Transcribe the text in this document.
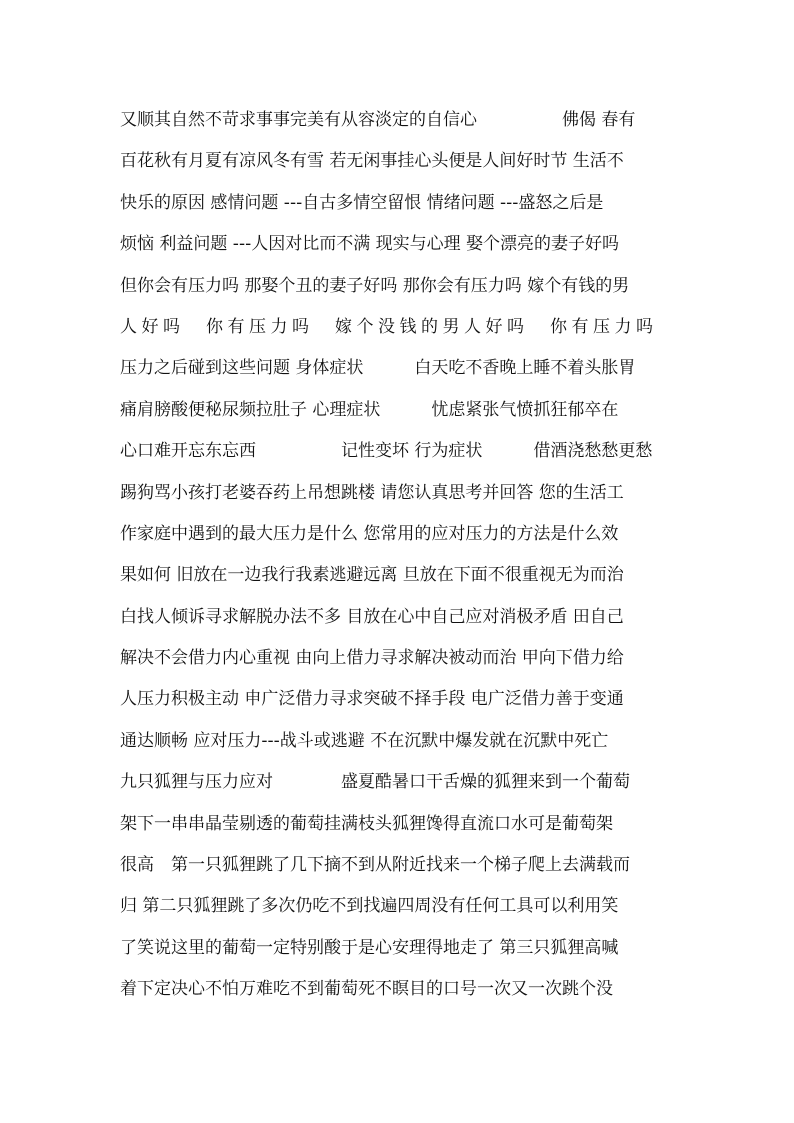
又顺其自然不苛求事事完美有从容淡定的自信心　　　　　佛偈 春有
百花秋有月夏有凉风冬有雪 若无闲事挂心头便是人间好时节 生活不
快乐的原因 感情问题 ---自古多情空留恨 情绪问题 ---盛怒之后是
烦恼 利益问题 ---人因对比而不满 现实与心理 娶个漂亮的妻子好吗
但你会有压力吗 那娶个丑的妻子好吗 那你会有压力吗 嫁个有钱的男
人好吗　你有压力吗　嫁个没钱的男人好吗　你有压力吗
压力之后碰到这些问题 身体症状　　　白天吃不香晚上睡不着头胀胃
痛肩膀酸便秘尿频拉肚子 心理症状　　　忧虑紧张气愤抓狂郁卒在
心口难开忘东忘西　　　　　记性变坏 行为症状　　　借酒浇愁愁更愁
踢狗骂小孩打老婆吞药上吊想跳楼 请您认真思考并回答 您的生活工
作家庭中遇到的最大压力是什么 您常用的应对压力的方法是什么效
果如何 旧放在一边我行我素逃避远离 旦放在下面不很重视无为而治
白找人倾诉寻求解脱办法不多 目放在心中自己应对消极矛盾 田自己
解决不会借力内心重视 由向上借力寻求解决被动而治 甲向下借力给
人压力积极主动 申广泛借力寻求突破不择手段 电广泛借力善于变通
通达顺畅 应对压力---战斗或逃避 不在沉默中爆发就在沉默中死亡
九只狐狸与压力应对　　　　盛夏酷暑口干舌燥的狐狸来到一个葡萄
架下一串串晶莹剔透的葡萄挂满枝头狐狸馋得直流口水可是葡萄架
很高　第一只狐狸跳了几下摘不到从附近找来一个梯子爬上去满载而
归 第二只狐狸跳了多次仍吃不到找遍四周没有任何工具可以利用笑
了笑说这里的葡萄一定特别酸于是心安理得地走了 第三只狐狸高喊
着下定决心不怕万难吃不到葡萄死不瞑目的口号一次又一次跳个没
